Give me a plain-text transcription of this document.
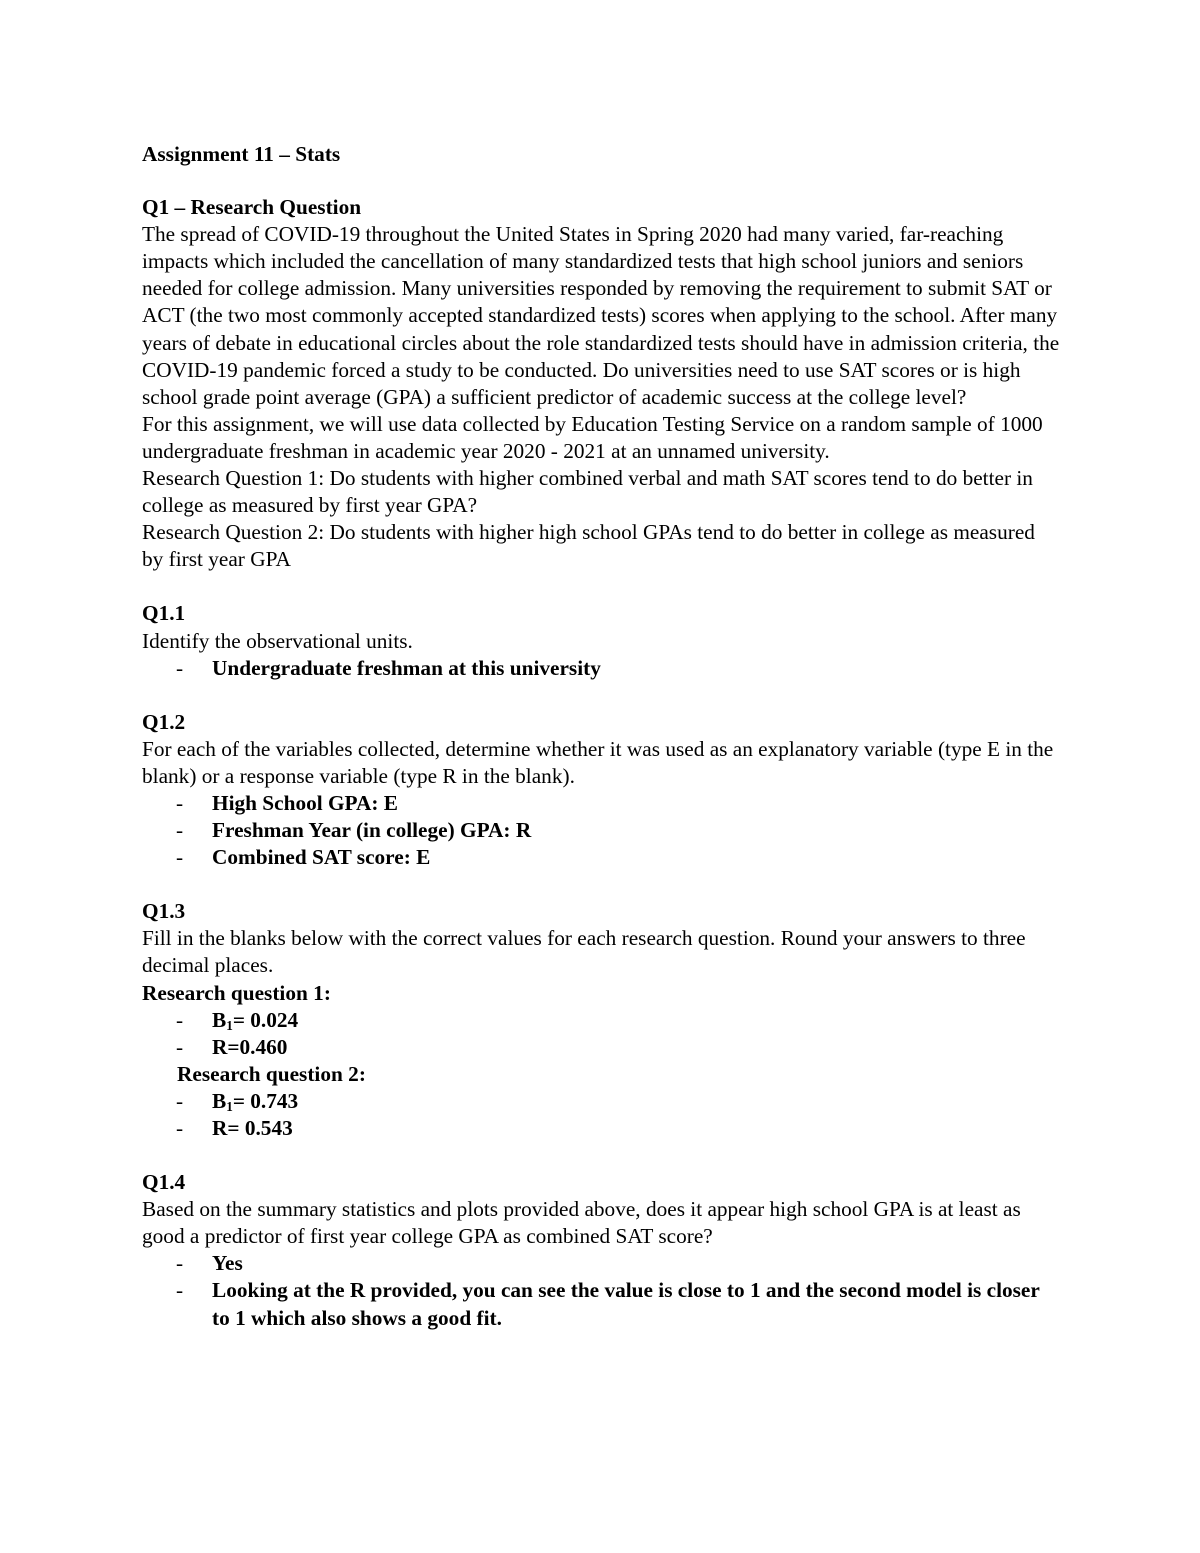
Assignment 11 – Stats
Q1 – Research Question
The spread of COVID-19 throughout the United States in Spring 2020 had many varied, far-reaching impacts which included the cancellation of many standardized tests that high school juniors and seniors needed for college admission. Many universities responded by removing the requirement to submit SAT or ACT (the two most commonly accepted standardized tests) scores when applying to the school. After many years of debate in educational circles about the role standardized tests should have in admission criteria, the COVID-19 pandemic forced a study to be conducted. Do universities need to use SAT scores or is high school grade point average (GPA) a sufficient predictor of academic success at the college level?
For this assignment, we will use data collected by Education Testing Service on a random sample of 1000 undergraduate freshman in academic year 2020 - 2021 at an unnamed university.
Research Question 1: Do students with higher combined verbal and math SAT scores tend to do better in college as measured by first year GPA?
Research Question 2: Do students with higher high school GPAs tend to do better in college as measured by first year GPA
Q1.1
Identify the observational units.
- Undergraduate freshman at this university
Q1.2
For each of the variables collected, determine whether it was used as an explanatory variable (type E in the blank) or a response variable (type R in the blank).
- High School GPA: E
- Freshman Year (in college) GPA: R
- Combined SAT score: E
Q1.3
Fill in the blanks below with the correct values for each research question. Round your answers to three decimal places.
Research question 1:
- $B_1= 0.024$
- R=0.460
Research question 2:
- $B_1= 0.743$
- R= 0.543
Q1.4
Based on the summary statistics and plots provided above, does it appear high school GPA is at least as good a predictor of first year college GPA as combined SAT score?
- Yes
- Looking at the R provided, you can see the value is close to 1 and the second model is closer to 1 which also shows a good fit.
